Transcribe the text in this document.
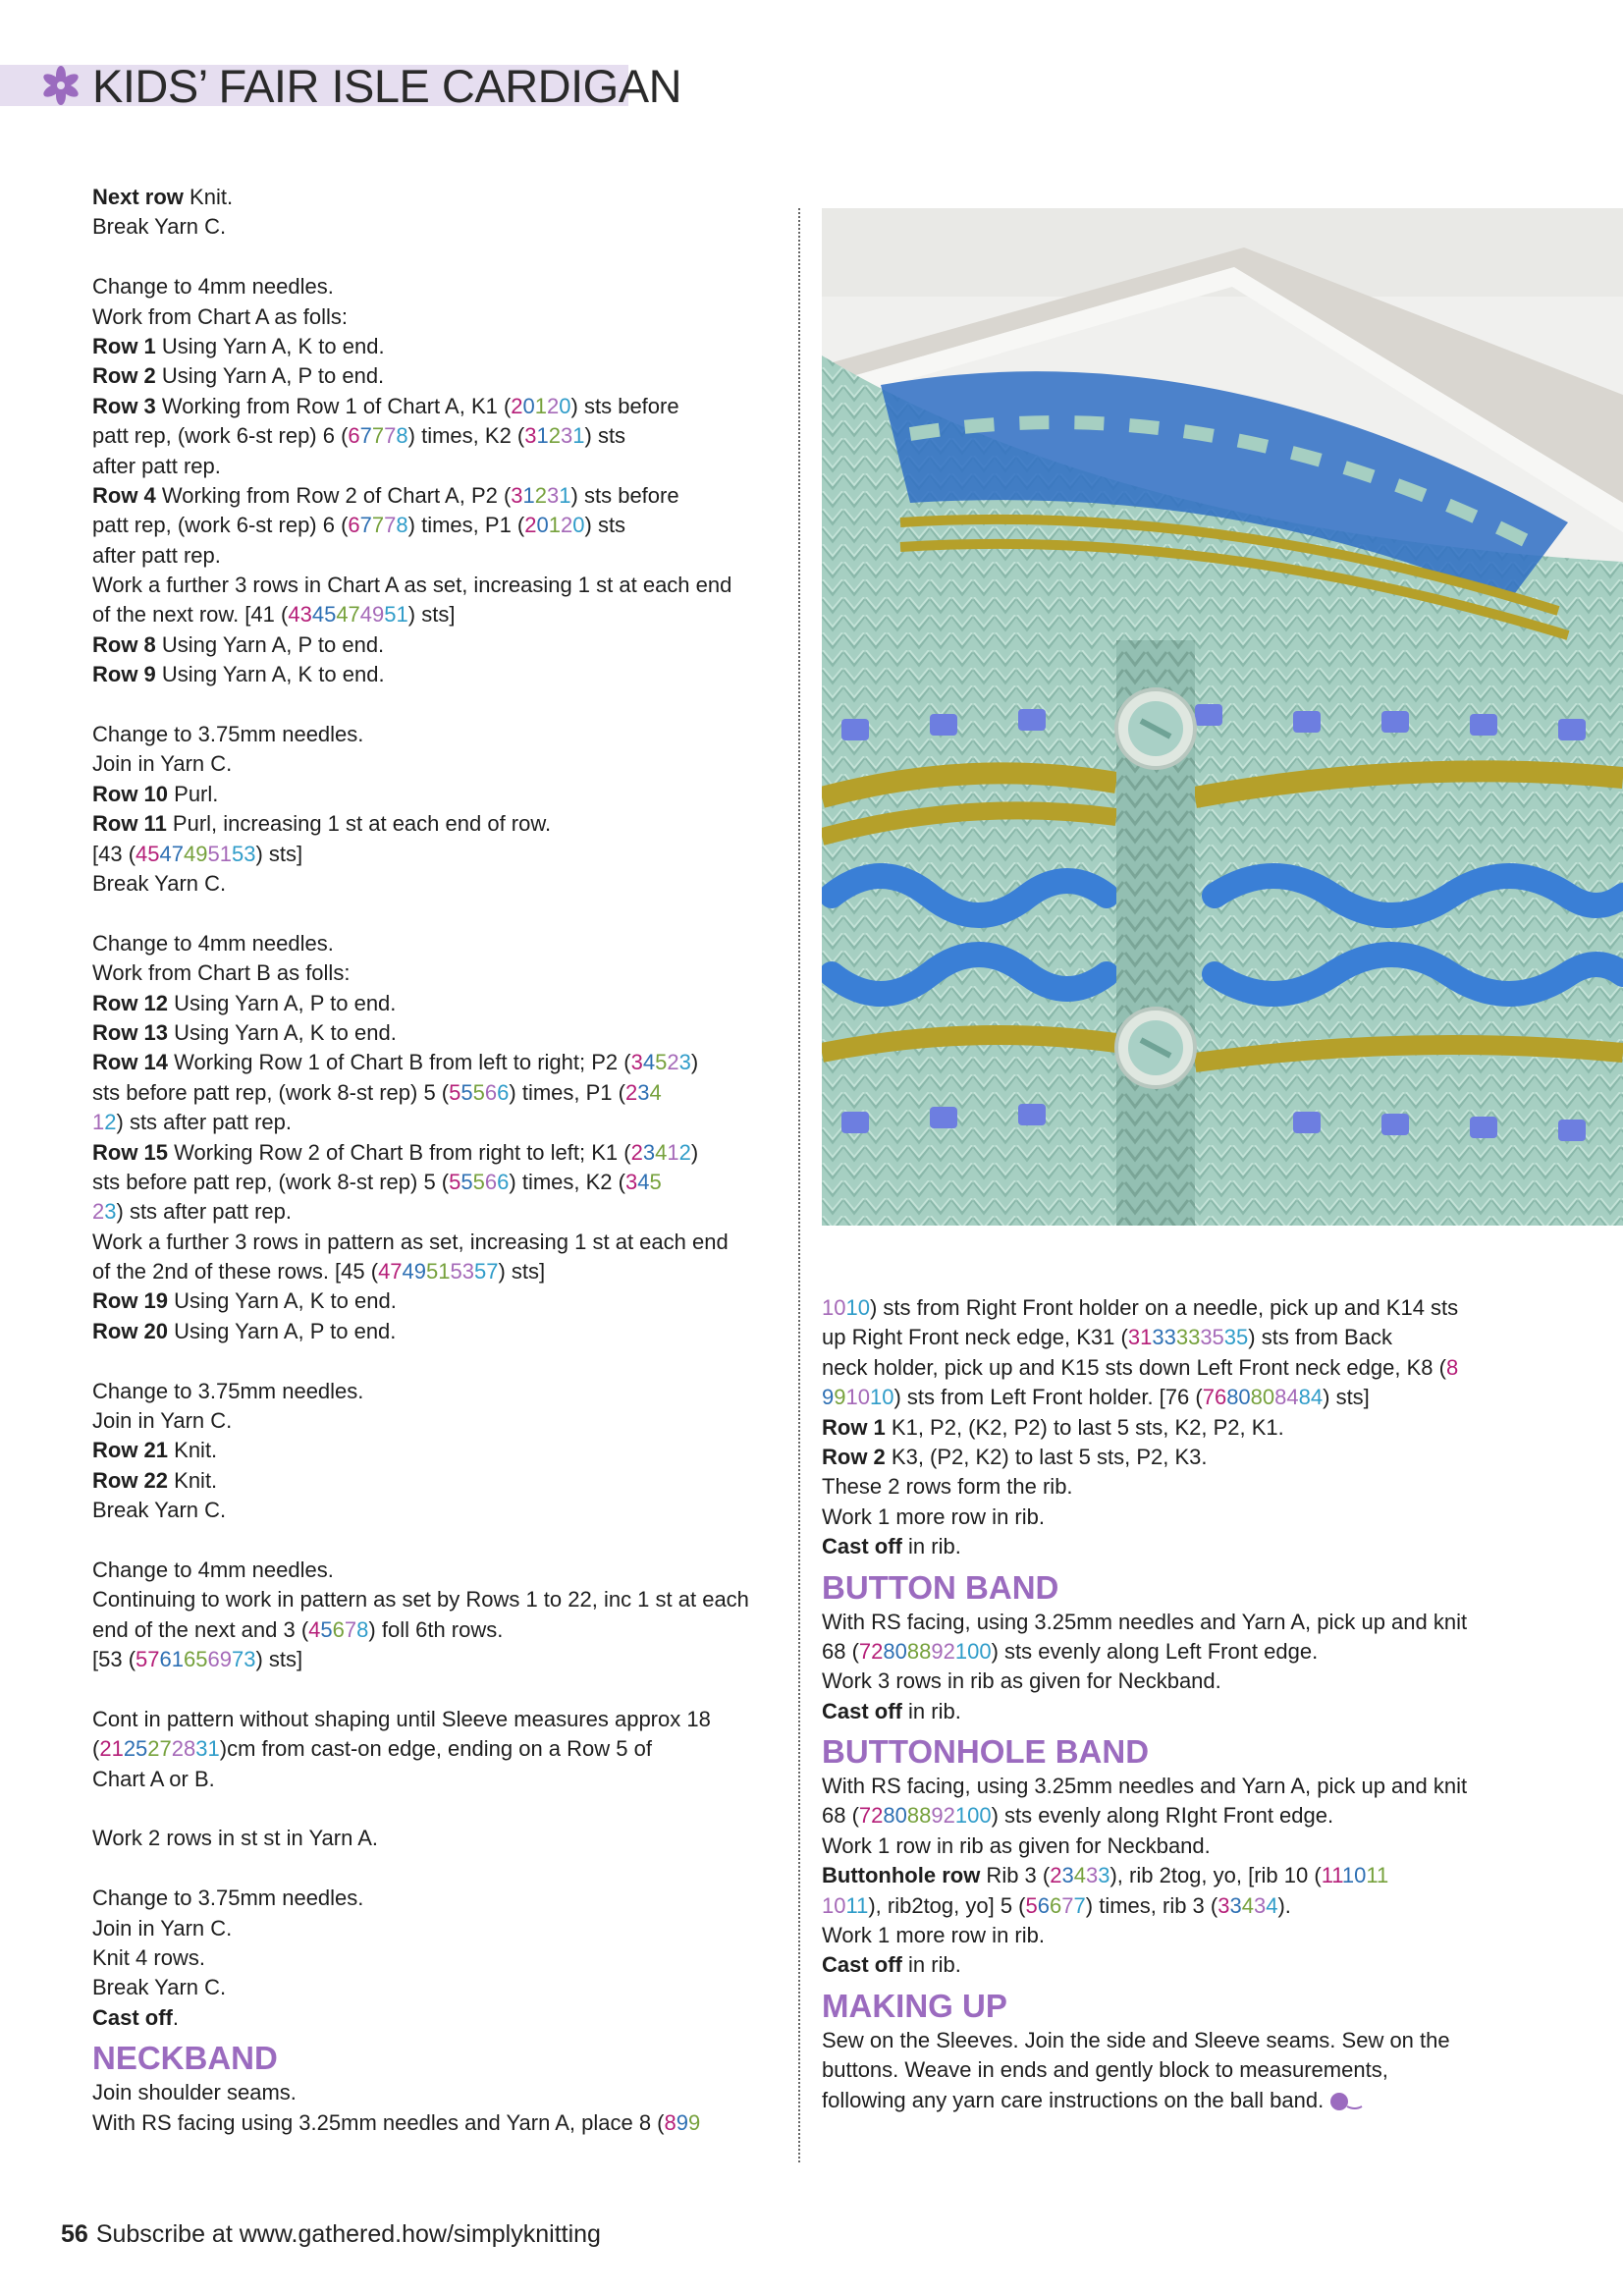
KIDS’ FAIR ISLE CARDIGAN
Next row Knit.
Break Yarn C.
Change to 4mm needles.
Work from Chart A as folls:
Row 1 Using Yarn A, K to end.
Row 2 Using Yarn A, P to end.
Row 3 Working from Row 1 of Chart A, K1 (20120) sts before
patt rep, (work 6-st rep) 6 (67778) times, K2 (31231) sts
after patt rep.
Row 4 Working from Row 2 of Chart A, P2 (31231) sts before
patt rep, (work 6-st rep) 6 (67778) times, P1 (20120) sts
after patt rep.
Work a further 3 rows in Chart A as set, increasing 1 st at each end
of the next row. [41 (4345474951) sts]
Row 8 Using Yarn A, P to end.
Row 9 Using Yarn A, K to end.
Change to 3.75mm needles.
Join in Yarn C.
Row 10 Purl.
Row 11 Purl, increasing 1 st at each end of row.
[43 (4547495153) sts]
Break Yarn C.
Change to 4mm needles.
Work from Chart B as folls:
Row 12 Using Yarn A, P to end.
Row 13 Using Yarn A, K to end.
Row 14 Working Row 1 of Chart B from left to right; P2 (34523)
sts before patt rep, (work 8-st rep) 5 (55566) times, P1 (234
12) sts after patt rep.
Row 15 Working Row 2 of Chart B from right to left; K1 (23412)
sts before patt rep, (work 8-st rep) 5 (55566) times, K2 (345
23) sts after patt rep.
Work a further 3 rows in pattern as set, increasing 1 st at each end
of the 2nd of these rows. [45 (4749515357) sts]
Row 19 Using Yarn A, K to end.
Row 20 Using Yarn A, P to end.
Change to 3.75mm needles.
Join in Yarn C.
Row 21 Knit.
Row 22 Knit.
Break Yarn C.
Change to 4mm needles.
Continuing to work in pattern as set by Rows 1 to 22, inc 1 st at each
end of the next and 3 (45678) foll 6th rows.
[53 (5761656973) sts]
Cont in pattern without shaping until Sleeve measures approx 18
(2125272831)cm from cast-on edge, ending on a Row 5 of
Chart A or B.
Work 2 rows in st st in Yarn A.
Change to 3.75mm needles.
Join in Yarn C.
Knit 4 rows.
Break Yarn C.
Cast off.
NECKBAND
Join shoulder seams.
With RS facing using 3.25mm needles and Yarn A, place 8 (899
1010) sts from Right Front holder on a needle, pick up and K14 sts
up Right Front neck edge, K31 (3133333535) sts from Back
neck holder, pick up and K15 sts down Left Front neck edge, K8 (8
991010) sts from Left Front holder. [76 (7680808484) sts]
Row 1 K1, P2, (K2, P2) to last 5 sts, K2, P2, K1.
Row 2 K3, (P2, K2) to last 5 sts, P2, K3.
These 2 rows form the rib.
Work 1 more row in rib.
Cast off in rib.
BUTTON BAND
With RS facing, using 3.25mm needles and Yarn A, pick up and knit
68 (72808892100) sts evenly along Left Front edge.
Work 3 rows in rib as given for Neckband.
Cast off in rib.
BUTTONHOLE BAND
With RS facing, using 3.25mm needles and Yarn A, pick up and knit
68 (72808892100) sts evenly along RIght Front edge.
Work 1 row in rib as given for Neckband.
Buttonhole row Rib 3 (23433), rib 2tog, yo, [rib 10 (111011
1011), rib2tog, yo] 5 (56677) times, rib 3 (33434).
Work 1 more row in rib.
Cast off in rib.
MAKING UP
Sew on the Sleeves. Join the side and Sleeve seams. Sew on the
buttons. Weave in ends and gently block to measurements,
following any yarn care instructions on the ball band.
56 Subscribe at www.gathered.how/simplyknitting
